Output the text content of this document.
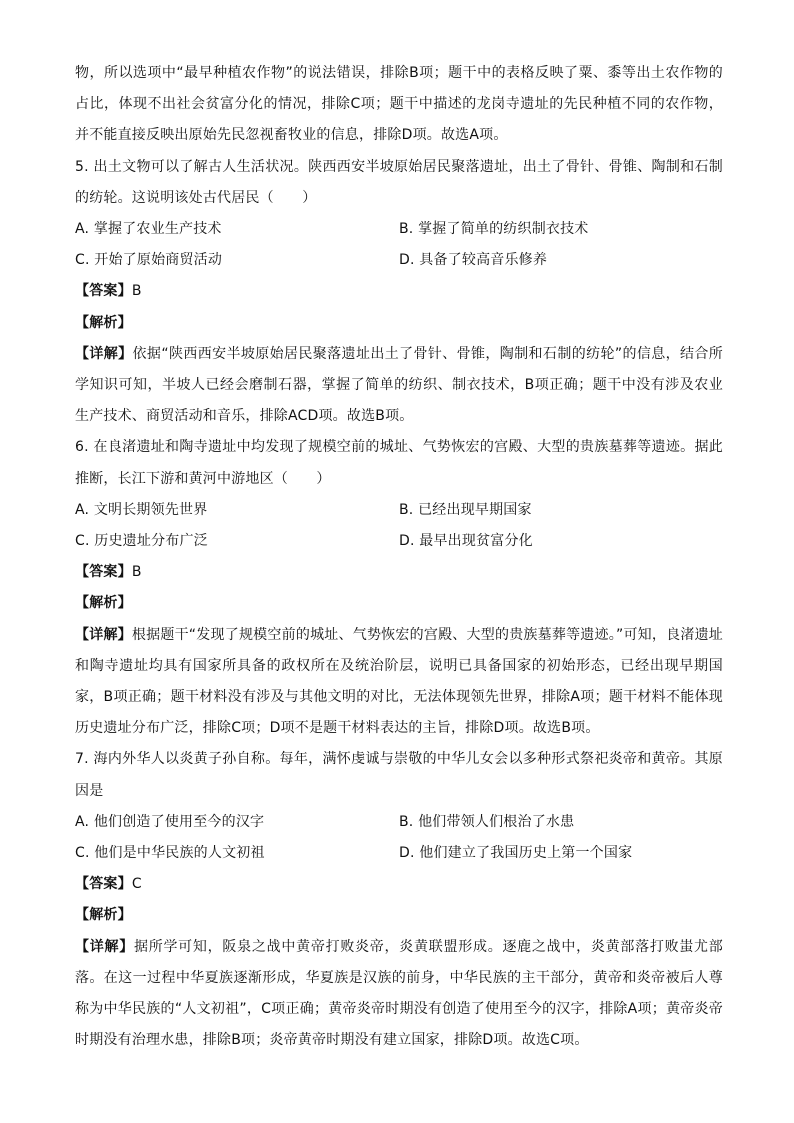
物，所以选项中“最早种植农作物”的说法错误，排除B项；题干中的表格反映了粟、黍等出土农作物的占比，体现不出社会贫富分化的情况，排除C项；题干中描述的龙岗寺遗址的先民种植不同的农作物，并不能直接反映出原始先民忽视畜牧业的信息，排除D项。故选A项。

5. 出土文物可以了解古人生活状况。陕西西安半坡原始居民聚落遗址，出土了骨针、骨锥、陶制和石制的纺轮。这说明该处古代居民（　　）

A. 掌握了农业生产技术	B. 掌握了简单的纺织制衣技术
C. 开始了原始商贸活动	D. 具备了较高音乐修养

【答案】B

【解析】

【详解】依据“陕西西安半坡原始居民聚落遗址出土了骨针、骨锥，陶制和石制的纺轮”的信息，结合所学知识可知，半坡人已经会磨制石器，掌握了简单的纺织、制衣技术，B项正确；题干中没有涉及农业生产技术、商贸活动和音乐，排除ACD项。故选B项。

6. 在良渚遗址和陶寺遗址中均发现了规模空前的城址、气势恢宏的宫殿、大型的贵族墓葬等遗迹。据此推断，长江下游和黄河中游地区（　　）

A. 文明长期领先世界	B. 已经出现早期国家
C. 历史遗址分布广泛	D. 最早出现贫富分化

【答案】B

【解析】

【详解】根据题干“发现了规模空前的城址、气势恢宏的宫殿、大型的贵族墓葬等遗迹。”可知，良渚遗址和陶寺遗址均具有国家所具备的政权所在及统治阶层，说明已具备国家的初始形态，已经出现早期国家，B项正确；题干材料没有涉及与其他文明的对比，无法体现领先世界，排除A项；题干材料不能体现历史遗址分布广泛，排除C项；D项不是题干材料表达的主旨，排除D项。故选B项。

7. 海内外华人以炎黄子孙自称。每年，满怀虔诚与崇敬的中华儿女会以多种形式祭祀炎帝和黄帝。其原因是

A. 他们创造了使用至今的汉字	B. 他们带领人们根治了水患
C. 他们是中华民族的人文初祖	D. 他们建立了我国历史上第一个国家

【答案】C

【解析】

【详解】据所学可知，阪泉之战中黄帝打败炎帝，炎黄联盟形成。逐鹿之战中，炎黄部落打败蚩尤部落。在这一过程中华夏族逐渐形成，华夏族是汉族的前身，中华民族的主干部分，黄帝和炎帝被后人尊称为中华民族的“人文初祖”，C项正确；黄帝炎帝时期没有创造了使用至今的汉字，排除A项；黄帝炎帝时期没有治理水患，排除B项；炎帝黄帝时期没有建立国家，排除D项。故选C项。
